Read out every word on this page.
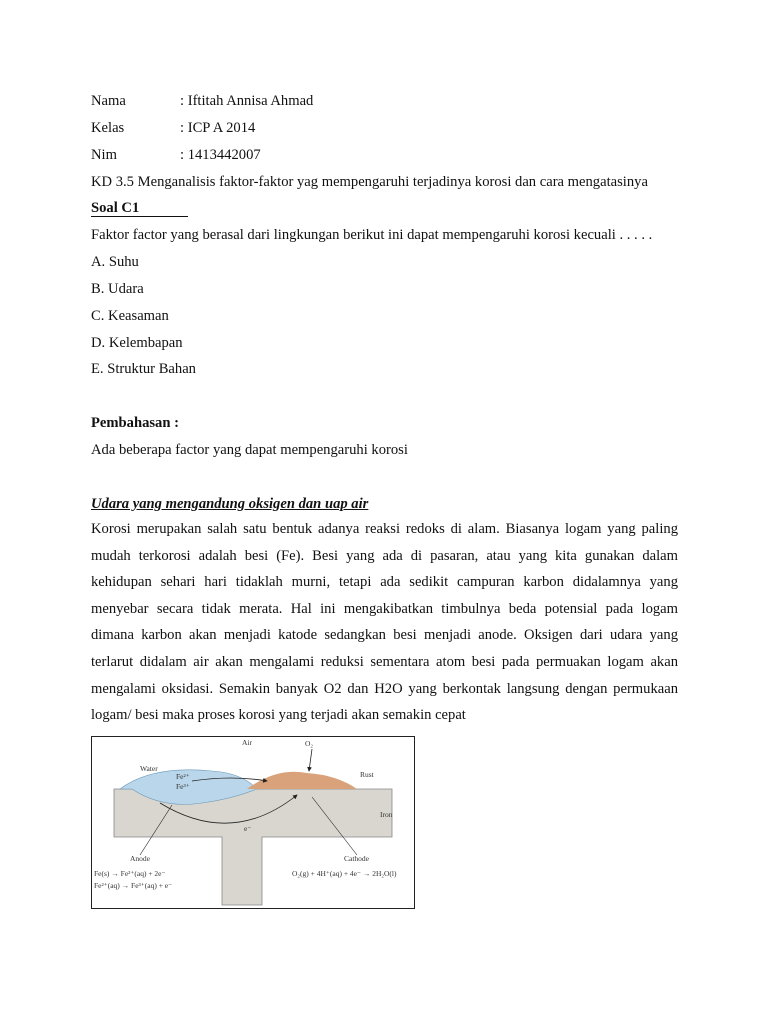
Nama	: Iftitah Annisa Ahmad
Kelas	: ICP A 2014
Nim	: 1413442007
KD 3.5 Menganalisis faktor-faktor yag mempengaruhi terjadinya korosi dan cara mengatasinya
Soal C1
Faktor factor yang berasal dari lingkungan berikut ini dapat mempengaruhi korosi kecuali . . . . .
A. Suhu
B. Udara
C. Keasaman
D. Kelembapan
E. Struktur Bahan
Pembahasan :
Ada beberapa factor yang dapat mempengaruhi korosi
Udara yang mengandung oksigen dan uap air
Korosi merupakan salah satu bentuk adanya reaksi redoks di alam. Biasanya logam yang paling
mudah terkorosi adalah besi (Fe). Besi yang ada di pasaran, atau yang kita gunakan dalam
kehidupan sehari hari tidaklah murni, tetapi ada sedikit campuran karbon didalamnya yang
menyebar secara tidak merata. Hal ini mengakibatkan timbulnya beda potensial pada logam
dimana karbon akan menjadi katode sedangkan besi menjadi anode. Oksigen dari udara yang
terlarut didalam air akan mengalami reduksi sementara atom besi pada permuakan logam akan
mengalami oksidasi. Semakin banyak O2 dan H2O yang berkontak langsung dengan permukaan
logam/ besi maka proses korosi yang terjadi akan semakin cepat
Air	O₂
Water
Fe²⁺
Fe³⁺
Rust
Iron
e⁻
Anode	Cathode
Fe(s) → Fe²⁺(aq) + 2e⁻
Fe²⁺(aq) → Fe³⁺(aq) + e⁻
O₂(g) + 4H⁺(aq) + 4e⁻ → 2H₂O(l)
